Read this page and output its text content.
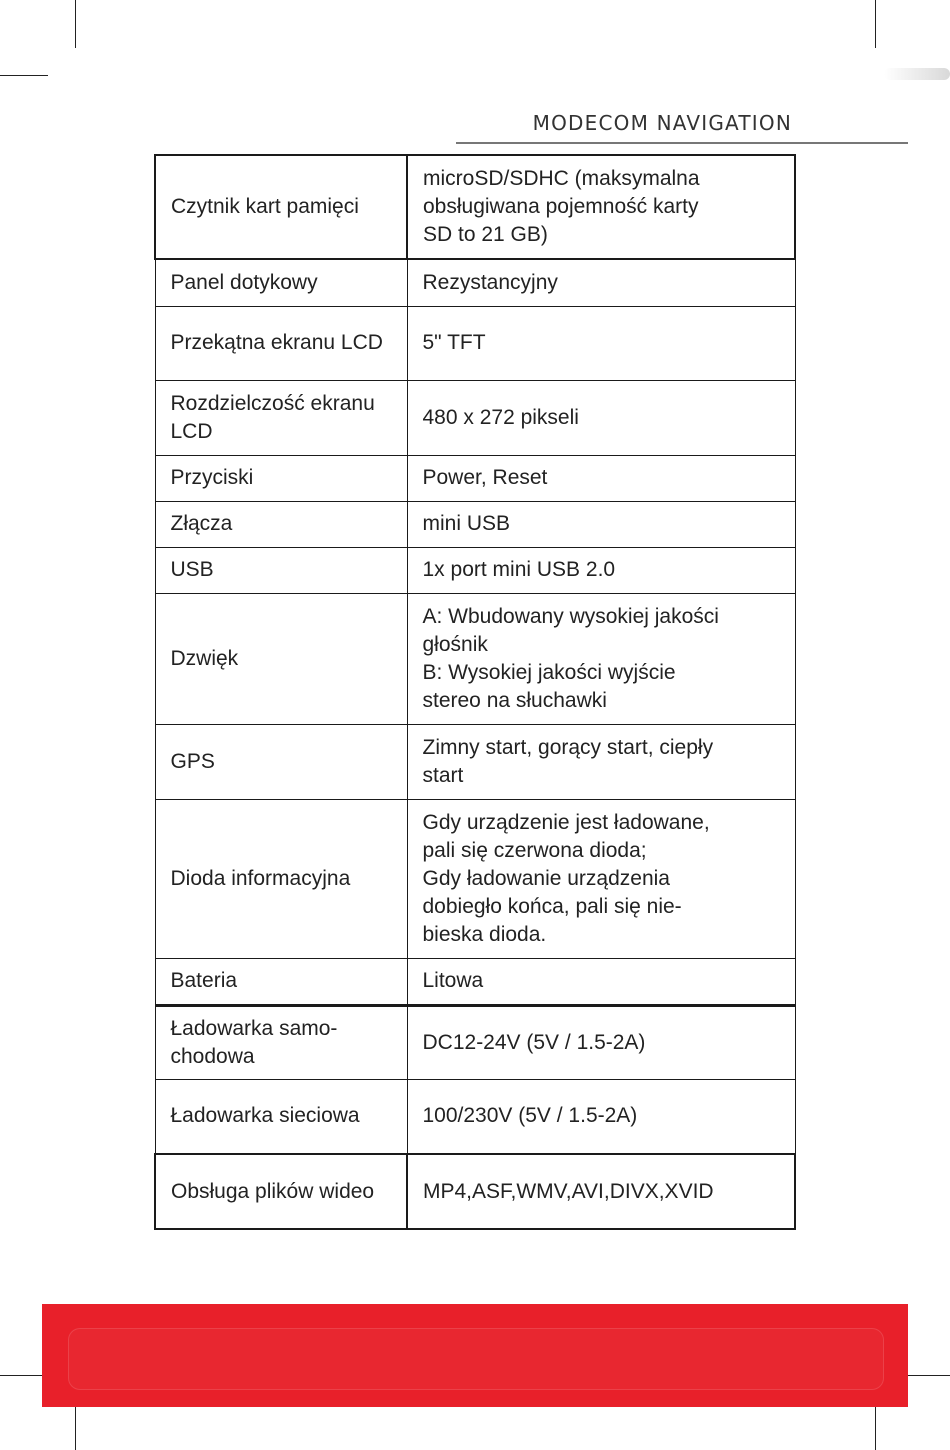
MODECOM NAVIGATION
Czytnik kart pamięci	microSD/SDHC (maksymalna
obsługiwana pojemność karty
SD to 21 GB)

Panel dotykowy	Rezystancyjny

Przekątna ekranu LCD	5" TFT

Rozdzielczość ekranu LCD	480 x 272 pikseli

Przyciski	Power, Reset

Złącza	mini USB

USB	1x port mini USB 2.0

Dzwięk	A: Wbudowany wysokiej jakości
głośnik
B: Wysokiej jakości wyjście
stereo na słuchawki

GPS	Zimny start, gorący start, ciepły
start

Dioda informacyjna	Gdy urządzenie jest ładowane,
pali się czerwona dioda;
Gdy ładowanie urządzenia
dobiegło końca, pali się nie-
bieska dioda.

Bateria	Litowa

Ładowarka samo-
chodowa	DC12-24V (5V / 1.5-2A)

Ładowarka sieciowa	100/230V (5V / 1.5-2A)

Obsługa plików wideo	MP4,ASF,WMV,AVI,DIVX,XVID
